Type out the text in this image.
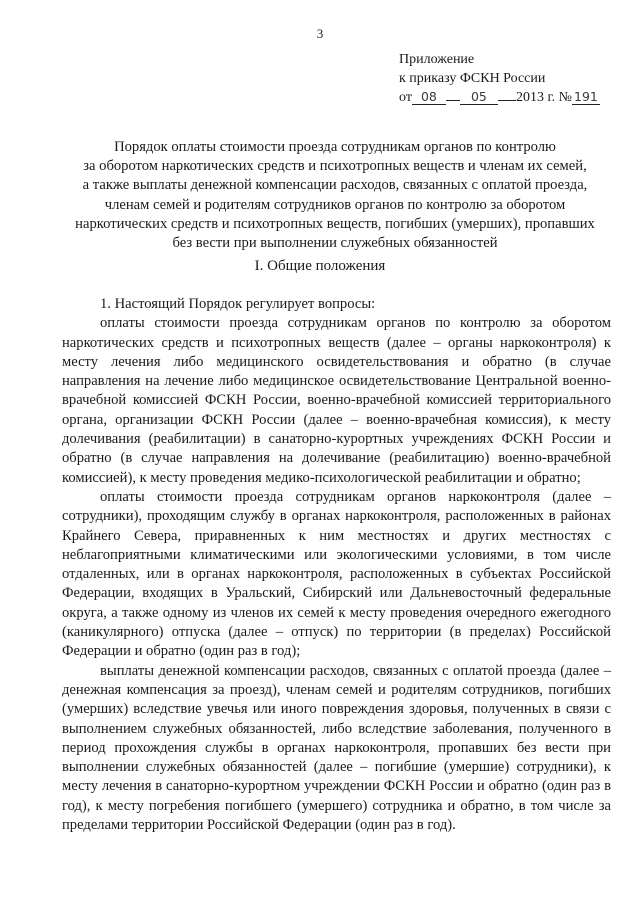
3
Приложение
к приказу ФСКН России
от 08	05 2013 г. № 191
Порядок оплаты стоимости проезда сотрудникам органов по контролю
за оборотом наркотических средств и психотропных веществ и членам их семей,
а также выплаты денежной компенсации расходов, связанных с оплатой проезда,
членам семей и родителям сотрудников органов по контролю за оборотом
наркотических средств и психотропных веществ, погибших (умерших), пропавших
без вести при выполнении служебных обязанностей
I. Общие положения

1. Настоящий Порядок регулирует вопросы:

оплаты стоимости проезда сотрудникам органов по контролю за оборотом наркотических средств и психотропных веществ (далее – органы наркоконтроля) к месту лечения либо медицинского освидетельствования и обратно (в случае направления на лечение либо медицинское освидетельствование Центральной военно-врачебной комиссией ФСКН России, военно-врачебной комиссией территориального органа, организации ФСКН России (далее – военно-врачебная комиссия), к месту долечивания (реабилитации) в санаторно-курортных учреждениях ФСКН России и обратно (в случае направления на долечивание (реабилитацию) военно-врачебной комиссией), к месту проведения медико-психологической реабилитации и обратно;

оплаты стоимости проезда сотрудникам органов наркоконтроля (далее – сотрудники), проходящим службу в органах наркоконтроля, расположенных в районах Крайнего Севера, приравненных к ним местностях и других местностях с неблагоприятными климатическими или экологическими условиями, в том числе отдаленных, или в органах наркоконтроля, расположенных в субъектах Российской Федерации, входящих в Уральский, Сибирский или Дальневосточный федеральные округа, а также одному из членов их семей к месту проведения очередного ежегодного (каникулярного) отпуска (далее – отпуск) по территории (в пределах) Российской Федерации и обратно (один раз в год);

выплаты денежной компенсации расходов, связанных с оплатой проезда (далее – денежная компенсация за проезд), членам семей и родителям сотрудников, погибших (умерших) вследствие увечья или иного повреждения здоровья, полученных в связи с выполнением служебных обязанностей, либо вследствие заболевания, полученного в период прохождения службы в органах наркоконтроля, пропавших без вести при выполнении служебных обязанностей (далее – погибшие (умершие) сотрудники), к месту лечения в санаторно-курортном учреждении ФСКН России и обратно (один раз в год), к месту погребения погибшего (умершего) сотрудника и обратно, в том числе за пределами территории Российской Федерации (один раз в год).
